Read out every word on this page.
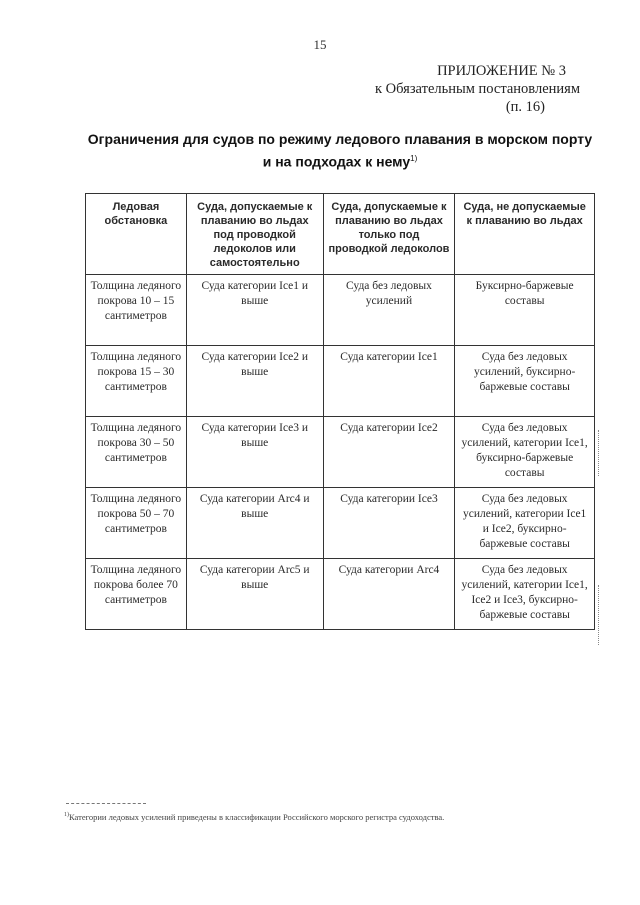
15
ПРИЛОЖЕНИЕ № 3
к Обязательным постановлениям
(п. 16)
Ограничения для судов по режиму ледового плавания в морском порту
и на подходах к нему$^{1)}$
Ледовая обстановка	Суда, допускаемые к плаванию во льдах под проводкой ледоколов или самостоятельно	Суда, допускаемые к плаванию во льдах только под проводкой ледоколов	Суда, не допускаемые к плаванию во льдах
Толщина ледяного покрова 10 – 15 сантиметров	Суда категории Ice1 и выше	Суда без ледовых усилений	Буксирно-баржевые составы
Толщина ледяного покрова 15 – 30 сантиметров	Суда категории Ice2 и выше	Суда категории Ice1	Суда без ледовых усилений, буксирно-баржевые составы
Толщина ледяного покрова 30 – 50 сантиметров	Суда категории Ice3 и выше	Суда категории Ice2	Суда без ледовых усилений, категории Ice1, буксирно-баржевые составы
Толщина ледяного покрова 50 – 70 сантиметров	Суда категории Arc4 и выше	Суда категории Ice3	Суда без ледовых усилений, категории Ice1 и Ice2, буксирно-баржевые составы
Толщина ледяного покрова более 70 сантиметров	Суда категории Arc5 и выше	Суда категории Arc4	Суда без ледовых усилений, категории Ice1, Ice2 и Ice3, буксирно-баржевые составы
$^{1)}$Категории ледовых усилений приведены в классификации Российского морского регистра судоходства.
